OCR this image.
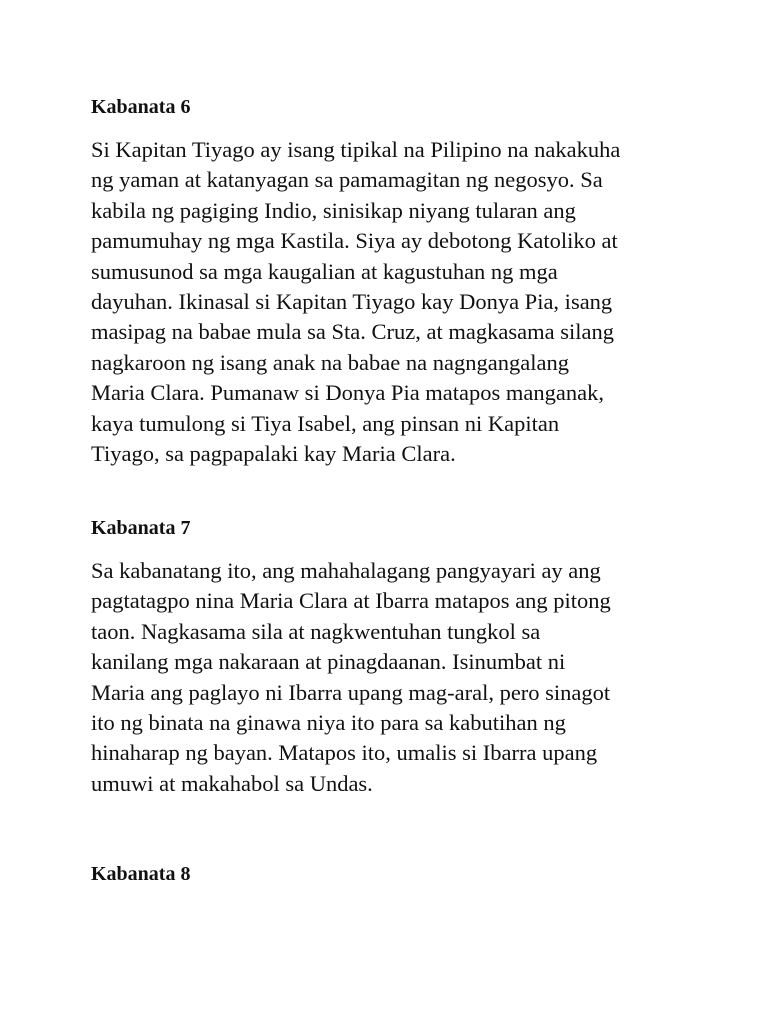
Kabanata 6
Si Kapitan Tiyago ay isang tipikal na Pilipino na nakakuha
ng yaman at katanyagan sa pamamagitan ng negosyo. Sa
kabila ng pagiging Indio, sinisikap niyang tularan ang
pamumuhay ng mga Kastila. Siya ay debotong Katoliko at
sumusunod sa mga kaugalian at kagustuhan ng mga
dayuhan. Ikinasal si Kapitan Tiyago kay Donya Pia, isang
masipag na babae mula sa Sta. Cruz, at magkasama silang
nagkaroon ng isang anak na babae na nagngangalang
Maria Clara. Pumanaw si Donya Pia matapos manganak,
kaya tumulong si Tiya Isabel, ang pinsan ni Kapitan
Tiyago, sa pagpapalaki kay Maria Clara.
Kabanata 7
Sa kabanatang ito, ang mahahalagang pangyayari ay ang
pagtatagpo nina Maria Clara at Ibarra matapos ang pitong
taon. Nagkasama sila at nagkwentuhan tungkol sa
kanilang mga nakaraan at pinagdaanan. Isinumbat ni
Maria ang paglayo ni Ibarra upang mag-aral, pero sinagot
ito ng binata na ginawa niya ito para sa kabutihan ng
hinaharap ng bayan. Matapos ito, umalis si Ibarra upang
umuwi at makahabol sa Undas.
Kabanata 8
